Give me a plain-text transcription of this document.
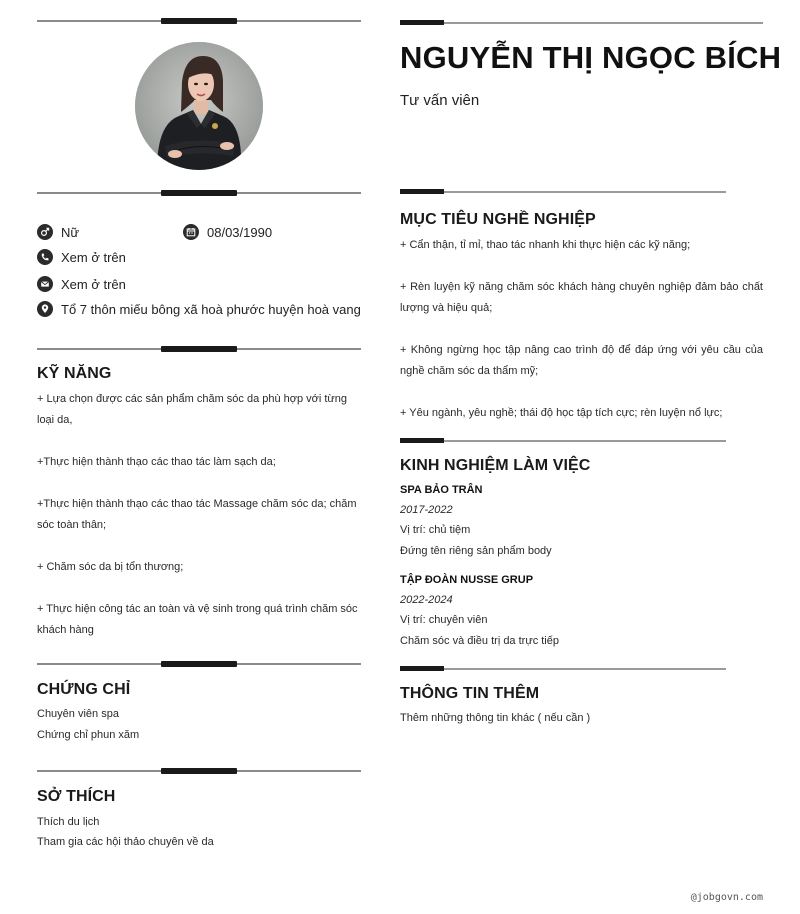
Nữ	08/03/1990
Xem ở trên
Xem ở trên
Tổ 7 thôn miếu bông xã hoà phước huyện hoà vang
KỸ NĂNG

+ Lựa chọn được các sản phẩm chăm sóc da phù hợp với từng loại da,

+Thực hiện thành thạo các thao tác làm sạch da;

+Thực hiện thành thạo các thao tác Massage chăm sóc da; chăm sóc toàn thân;

+ Chăm sóc da bị tổn thương;

+ Thực hiện công tác an toàn và vệ sinh trong quá trình chăm sóc khách hàng

CHỨNG CHỈ
Chuyên viên spa
Chứng chỉ phun xăm
SỞ THÍCH
Thích du lịch
Tham gia các hội thảo chuyên về da
NGUYỄN THỊ NGỌC BÍCH
Tư vấn viên
MỤC TIÊU NGHỀ NGHIỆP

+ Cẩn thận, tỉ mỉ, thao tác nhanh khi thực hiện các kỹ năng;

+ Rèn luyện kỹ năng chăm sóc khách hàng chuyên nghiệp đảm bảo chất lượng và hiệu quả;

+ Không ngừng học tập nâng cao trình độ để đáp ứng với yêu cầu của nghề chăm sóc da thẩm mỹ;

+ Yêu ngành, yêu nghề; thái độ học tập tích cực; rèn luyện nổ lực;

KINH NGHIỆM LÀM VIỆC
SPA BẢO TRÂN
2017-2022
Vị trí: chủ tiệm
Đứng tên riêng sản phẩm body
TẬP ĐOÀN NUSSE GRUP
2022-2024
Vị trí: chuyên viên
Chăm sóc và điều trị da trực tiếp
THÔNG TIN THÊM
Thêm những thông tin khác ( nếu cần )
@jobgovn.com
